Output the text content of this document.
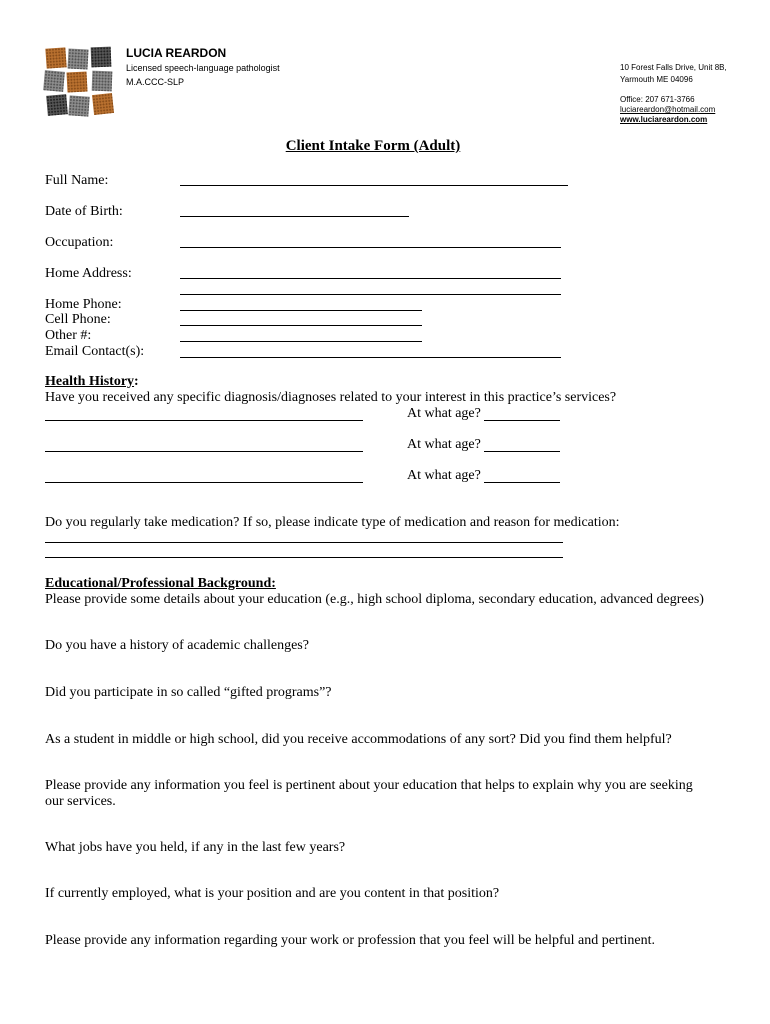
LUCIA REARDON
Licensed speech-language pathologist
M.A.CCC-SLP
10 Forest Falls Drive, Unit 8B,
Yarmouth ME 04096
Office: 207 671-3766
luciareardon@hotmail.com
www.luciareardon.com
Client Intake Form (Adult)
Full Name:
Date of Birth:
Occupation:
Home Address:
Home Phone:
Cell Phone:
Other #:
Email Contact(s):
Health History:
Have you received any specific diagnosis/diagnoses related to your interest in this practice’s services?
At what age?
At what age?
At what age?
Do you regularly take medication? If so, please indicate type of medication and reason for medication:
Educational/Professional Background:
Please provide some details about your education (e.g., high school diploma, secondary education, advanced degrees)
Do you have a history of academic challenges?
Did you participate in so called “gifted programs”?
As a student in middle or high school, did you receive accommodations of any sort? Did you find them helpful?
Please provide any information you feel is pertinent about your education that helps to explain why you are seeking
our services.
What jobs have you held, if any in the last few years?
If currently employed, what is your position and are you content in that position?
Please provide any information regarding your work or profession that you feel will be helpful and pertinent.
